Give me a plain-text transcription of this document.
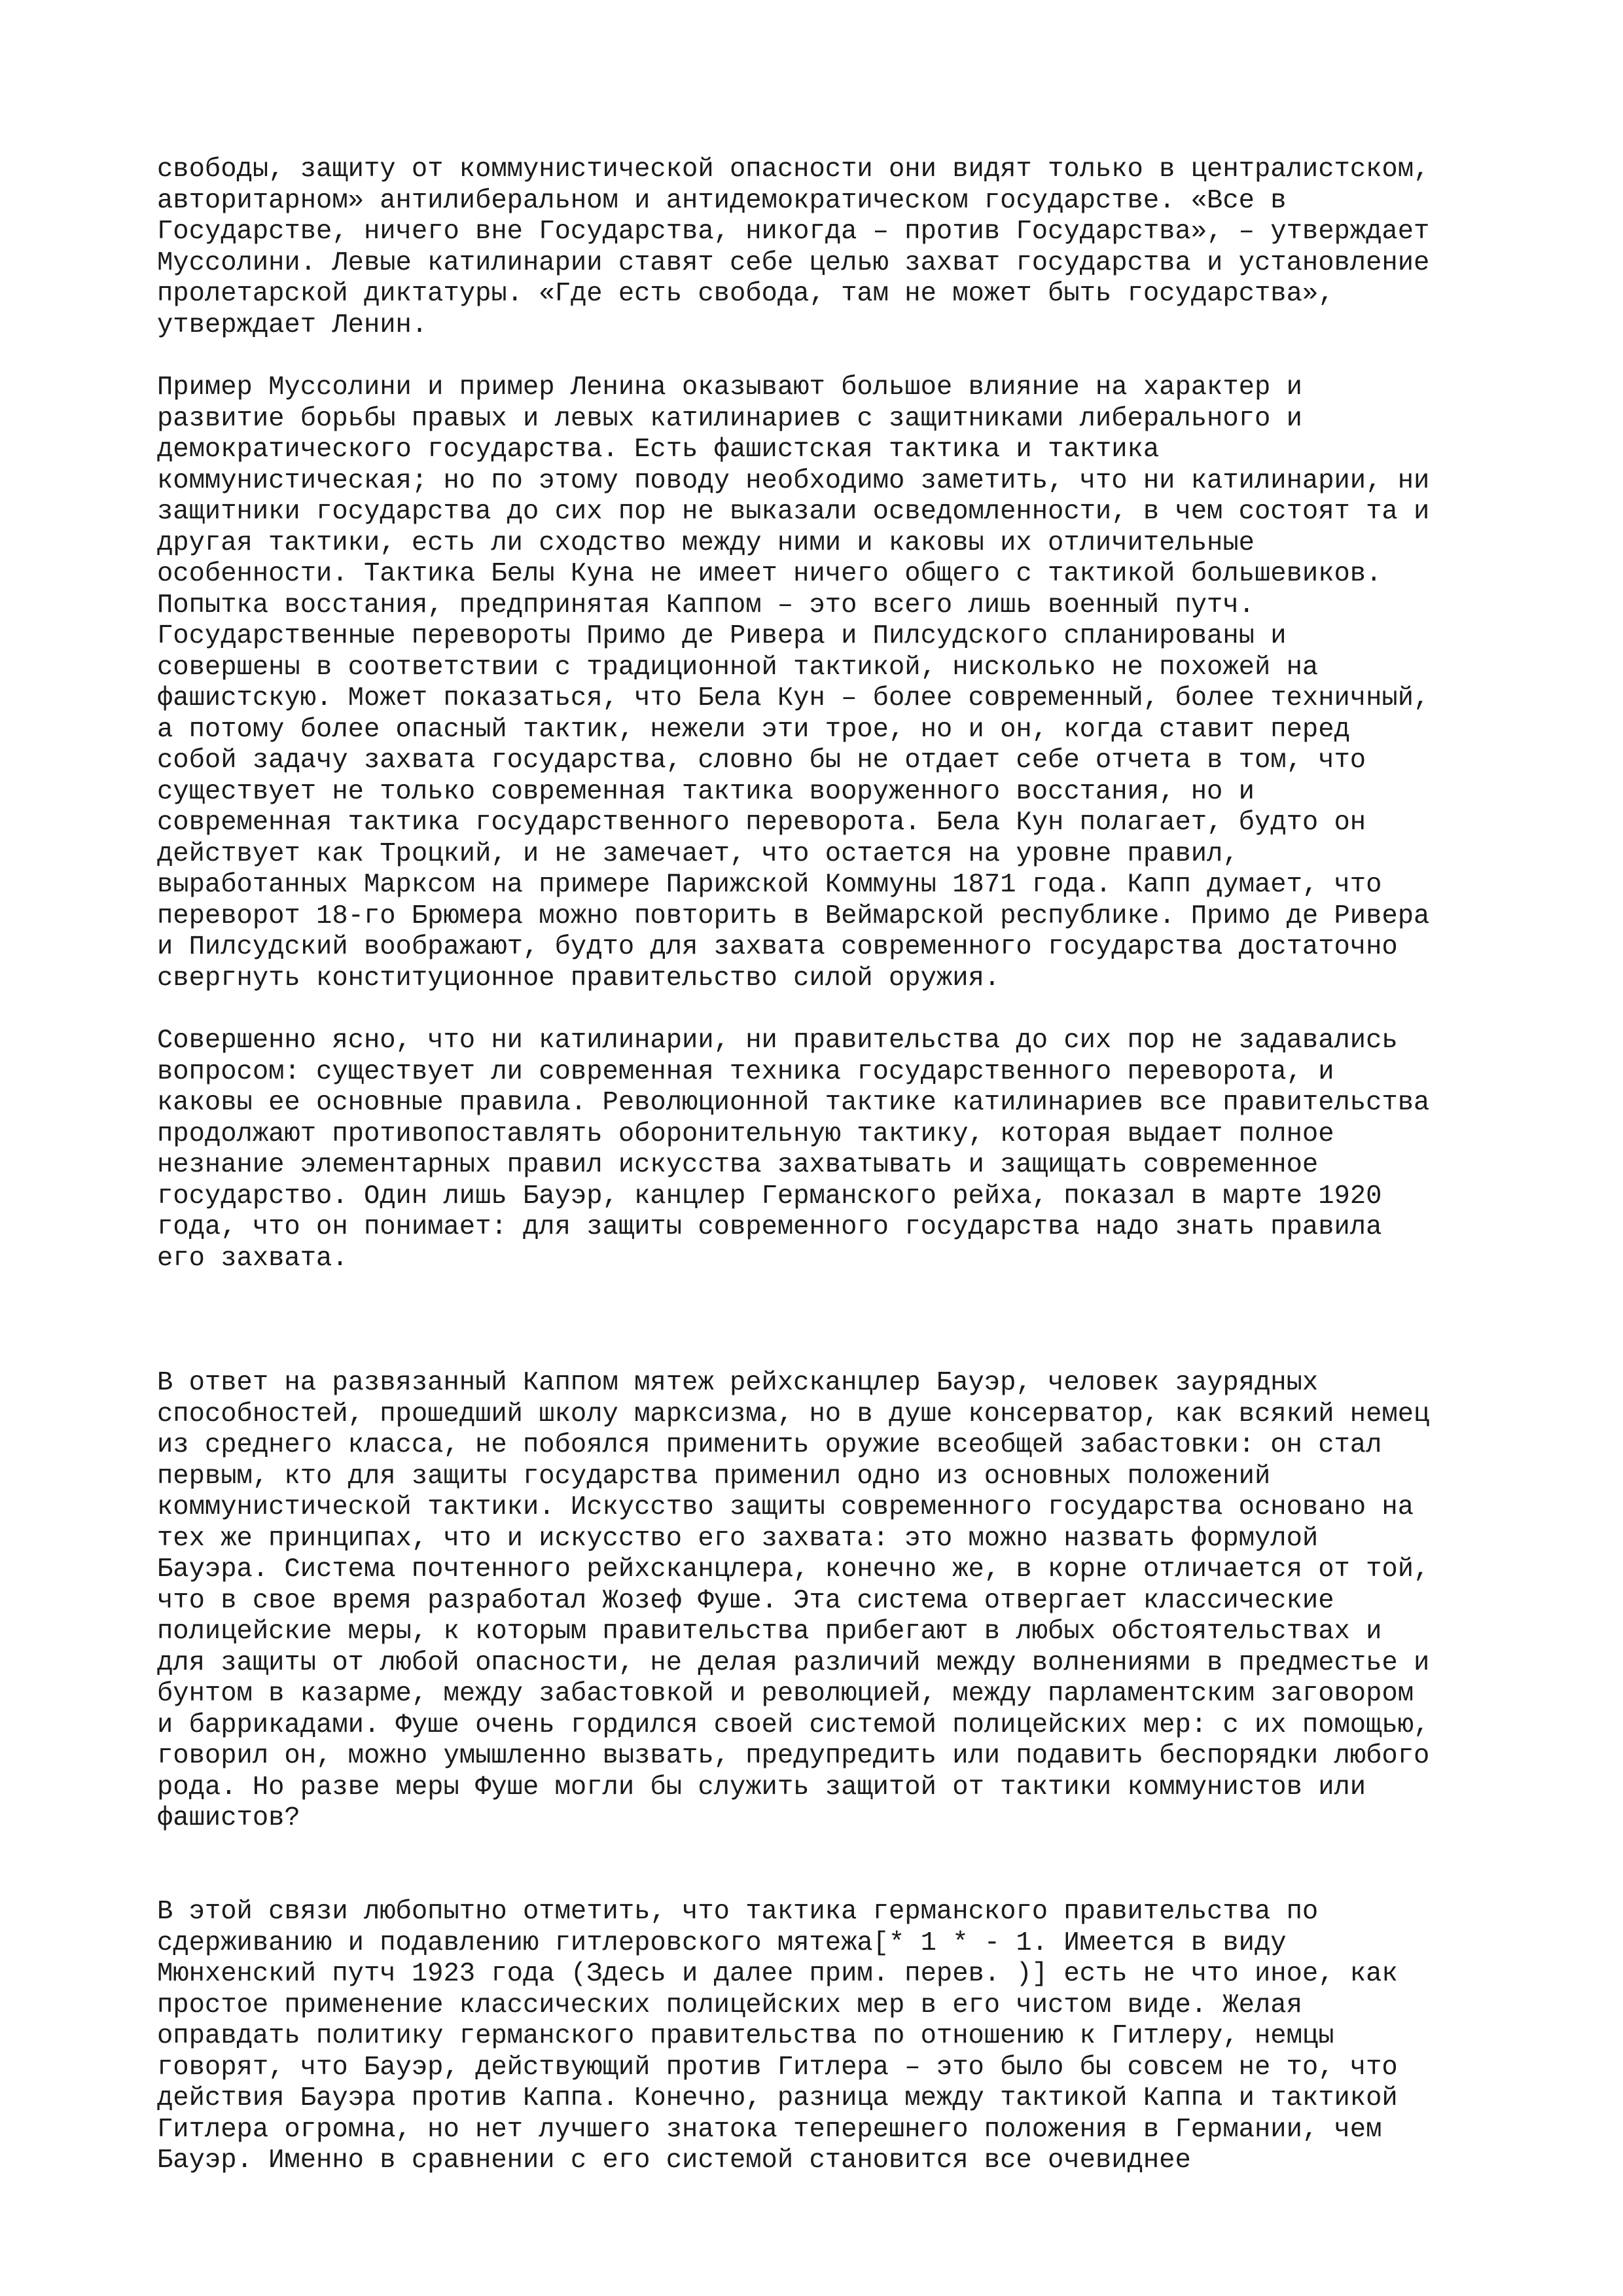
свободы, защиту от коммунистической опасности они видят только в централистском,
авторитарном» антилиберальном и антидемократическом государстве. «Все в
Государстве, ничего вне Государства, никогда – против Государства», – утверждает
Муссолини. Левые катилинарии ставят себе целью захват государства и установление
пролетарской диктатуры. «Где есть свобода, там не может быть государства»,
утверждает Ленин.

Пример Муссолини и пример Ленина оказывают большое влияние на характер и
развитие борьбы правых и левых катилинариев с защитниками либерального и
демократического государства. Есть фашистская тактика и тактика
коммунистическая; но по этому поводу необходимо заметить, что ни катилинарии, ни
защитники государства до сих пор не выказали осведомленности, в чем состоят та и
другая тактики, есть ли сходство между ними и каковы их отличительные
особенности. Тактика Белы Куна не имеет ничего общего с тактикой большевиков.
Попытка восстания, предпринятая Каппом – это всего лишь военный путч.
Государственные перевороты Примо де Ривера и Пилсудского спланированы и
совершены в соответствии с традиционной тактикой, нисколько не похожей на
фашистскую. Может показаться, что Бела Кун – более современный, более техничный,
а потому более опасный тактик, нежели эти трое, но и он, когда ставит перед
собой задачу захвата государства, словно бы не отдает себе отчета в том, что
существует не только современная тактика вооруженного восстания, но и
современная тактика государственного переворота. Бела Кун полагает, будто он
действует как Троцкий, и не замечает, что остается на уровне правил,
выработанных Марксом на примере Парижской Коммуны 1871 года. Капп думает, что
переворот 18-го Брюмера можно повторить в Веймарской республике. Примо де Ривера
и Пилсудский воображают, будто для захвата современного государства достаточно
свергнуть конституционное правительство силой оружия.

Совершенно ясно, что ни катилинарии, ни правительства до сих пор не задавались
вопросом: существует ли современная техника государственного переворота, и
каковы ее основные правила. Революционной тактике катилинариев все правительства
продолжают противопоставлять оборонительную тактику, которая выдает полное
незнание элементарных правил искусства захватывать и защищать современное
государство. Один лишь Бауэр, канцлер Германского рейха, показал в марте 1920
года, что он понимает: для защиты современного государства надо знать правила
его захвата.

В ответ на развязанный Каппом мятеж рейхсканцлер Бауэр, человек заурядных
способностей, прошедший школу марксизма, но в душе консерватор, как всякий немец
из среднего класса, не побоялся применить оружие всеобщей забастовки: он стал
первым, кто для защиты государства применил одно из основных положений
коммунистической тактики. Искусство защиты современного государства основано на
тех же принципах, что и искусство его захвата: это можно назвать формулой
Бауэра. Система почтенного рейхсканцлера, конечно же, в корне отличается от той,
что в свое время разработал Жозеф Фуше. Эта система отвергает классические
полицейские меры, к которым правительства прибегают в любых обстоятельствах и
для защиты от любой опасности, не делая различий между волнениями в предместье и
бунтом в казарме, между забастовкой и революцией, между парламентским заговором
и баррикадами. Фуше очень гордился своей системой полицейских мер: с их помощью,
говорил он, можно умышленно вызвать, предупредить или подавить беспорядки любого
рода. Но разве меры Фуше могли бы служить защитой от тактики коммунистов или
фашистов?

В этой связи любопытно отметить, что тактика германского правительства по
сдерживанию и подавлению гитлеровского мятежа[* 1 * - 1. Имеется в виду
Мюнхенский путч 1923 года (Здесь и далее прим. перев. )] есть не что иное, как
простое применение классических полицейских мер в его чистом виде. Желая
оправдать политику германского правительства по отношению к Гитлеру, немцы
говорят, что Бауэр, действующий против Гитлера – это было бы совсем не то, что
действия Бауэра против Каппа. Конечно, разница между тактикой Каппа и тактикой
Гитлера огромна, но нет лучшего знатока теперешнего положения в Германии, чем
Бауэр. Именно в сравнении с его системой становится все очевиднее
